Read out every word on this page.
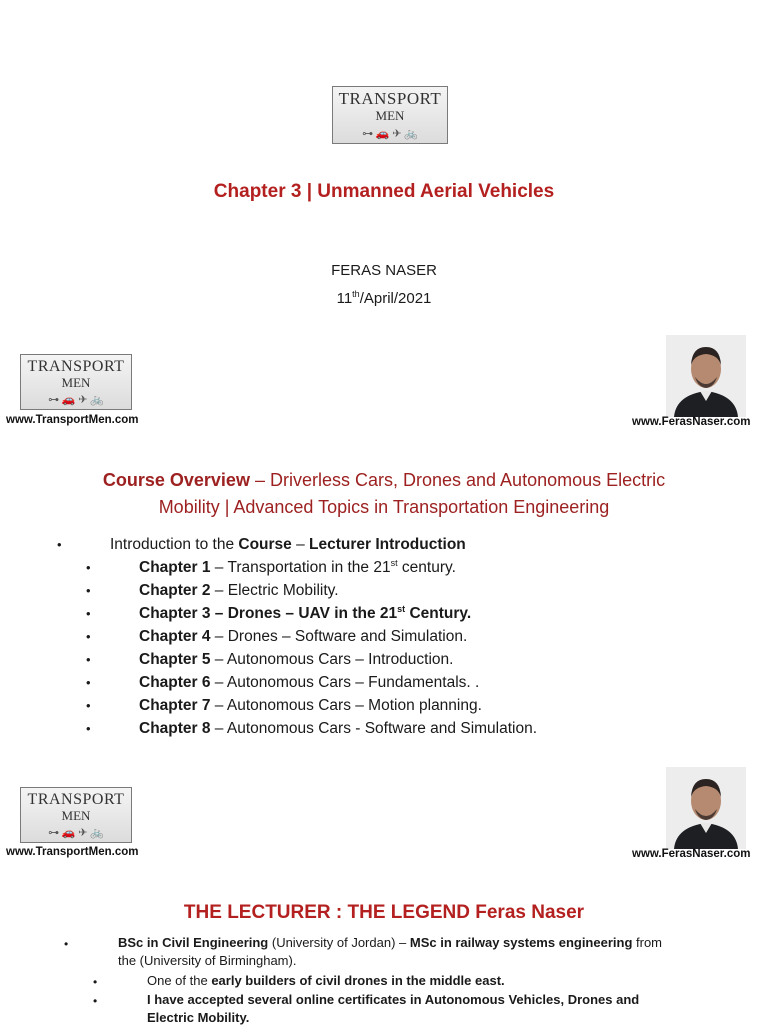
TRANSPORT
MEN
⊶ 🚗 ✈ 🚲
Chapter 3 | Unmanned Aerial Vehicles
FERAS NASER
11th/April/2021
TRANSPORT
MEN
⊶ 🚗 ✈ 🚲
www.TransportMen.com	www.FerasNaser.com
Course Overview – Driverless Cars, Drones and Autonomous Electric
Mobility | Advanced Topics in Transportation Engineering
•	Introduction to the Course – Lecturer Introduction
•	Chapter 1 – Transportation in the 21st century.
•	Chapter 2 – Electric Mobility.
•	Chapter 3 – Drones – UAV in the 21st Century.
•	Chapter 4 – Drones – Software and Simulation.
•	Chapter 5 – Autonomous Cars – Introduction.
•	Chapter 6 – Autonomous Cars – Fundamentals. .
•	Chapter 7 – Autonomous Cars – Motion planning.
•	Chapter 8 – Autonomous Cars - Software and Simulation.
TRANSPORT
MEN
⊶ 🚗 ✈ 🚲
www.TransportMen.com	www.FerasNaser.com
THE LECTURER : THE LEGEND Feras Naser
•	BSc in Civil Engineering (University of Jordan) – MSc in railway systems engineering from
the (University of Birmingham).
•	One of the early builders of civil drones in the middle east.
•	I have accepted several online certificates in Autonomous Vehicles, Drones and
Electric Mobility.
